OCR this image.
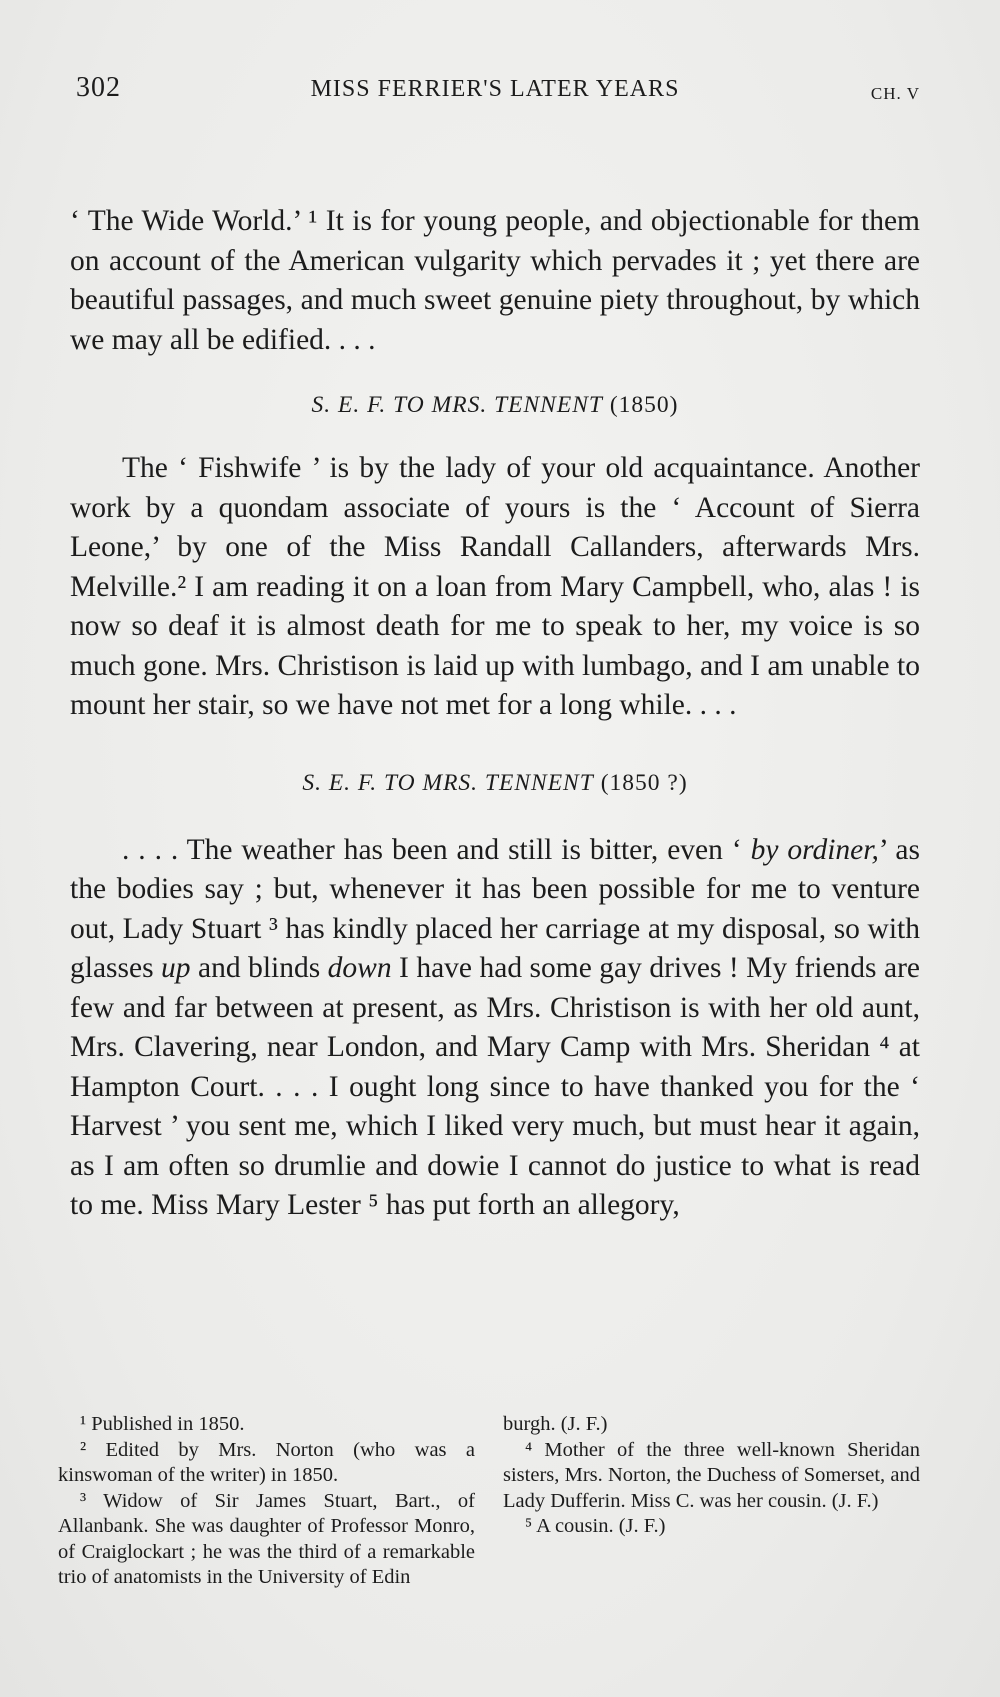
302	MISS FERRIER'S LATER YEARS	CH. V

‘ The Wide World.’ ¹ It is for young people, and objectionable for them on account of the American vulgarity which pervades it ; yet there are beautiful passages, and much sweet genuine piety throughout, by which we may all be edified. . . .

S. E. F. TO MRS. TENNENT (1850)

The ‘ Fishwife ’ is by the lady of your old acquaintance. Another work by a quondam associate of yours is the ‘ Account of Sierra Leone,’ by one of the Miss Randall Callanders, afterwards Mrs. Melville.² I am reading it on a loan from Mary Campbell, who, alas ! is now so deaf it is almost death for me to speak to her, my voice is so much gone. Mrs. Christison is laid up with lumbago, and I am unable to mount her stair, so we have not met for a long while. . . .

S. E. F. TO MRS. TENNENT (1850 ?)

. . . . The weather has been and still is bitter, even ‘ by ordiner,’ as the bodies say ; but, whenever it has been possible for me to venture out, Lady Stuart ³ has kindly placed her carriage at my disposal, so with glasses up and blinds down I have had some gay drives ! My friends are few and far between at present, as Mrs. Christison is with her old aunt, Mrs. Clavering, near London, and Mary Camp with Mrs. Sheridan ⁴ at Hampton Court. . . . I ought long since to have thanked you for the ‘ Harvest ’ you sent me, which I liked very much, but must hear it again, as I am often so drumlie and dowie I cannot do justice to what is read to me. Miss Mary Lester ⁵ has put forth an allegory,

¹ Published in 1850.

² Edited by Mrs. Norton (who was a kinswoman of the writer) in 1850.

³ Widow of Sir James Stuart, Bart., of Allanbank. She was daughter of Professor Monro, of Craiglockart ; he was the third of a remarkable trio of anatomists in the University of Edin

burgh. (J. F.)

⁴ Mother of the three well-known Sheridan sisters, Mrs. Norton, the Duchess of Somerset, and Lady Dufferin. Miss C. was her cousin. (J. F.)

⁵ A cousin. (J. F.)
